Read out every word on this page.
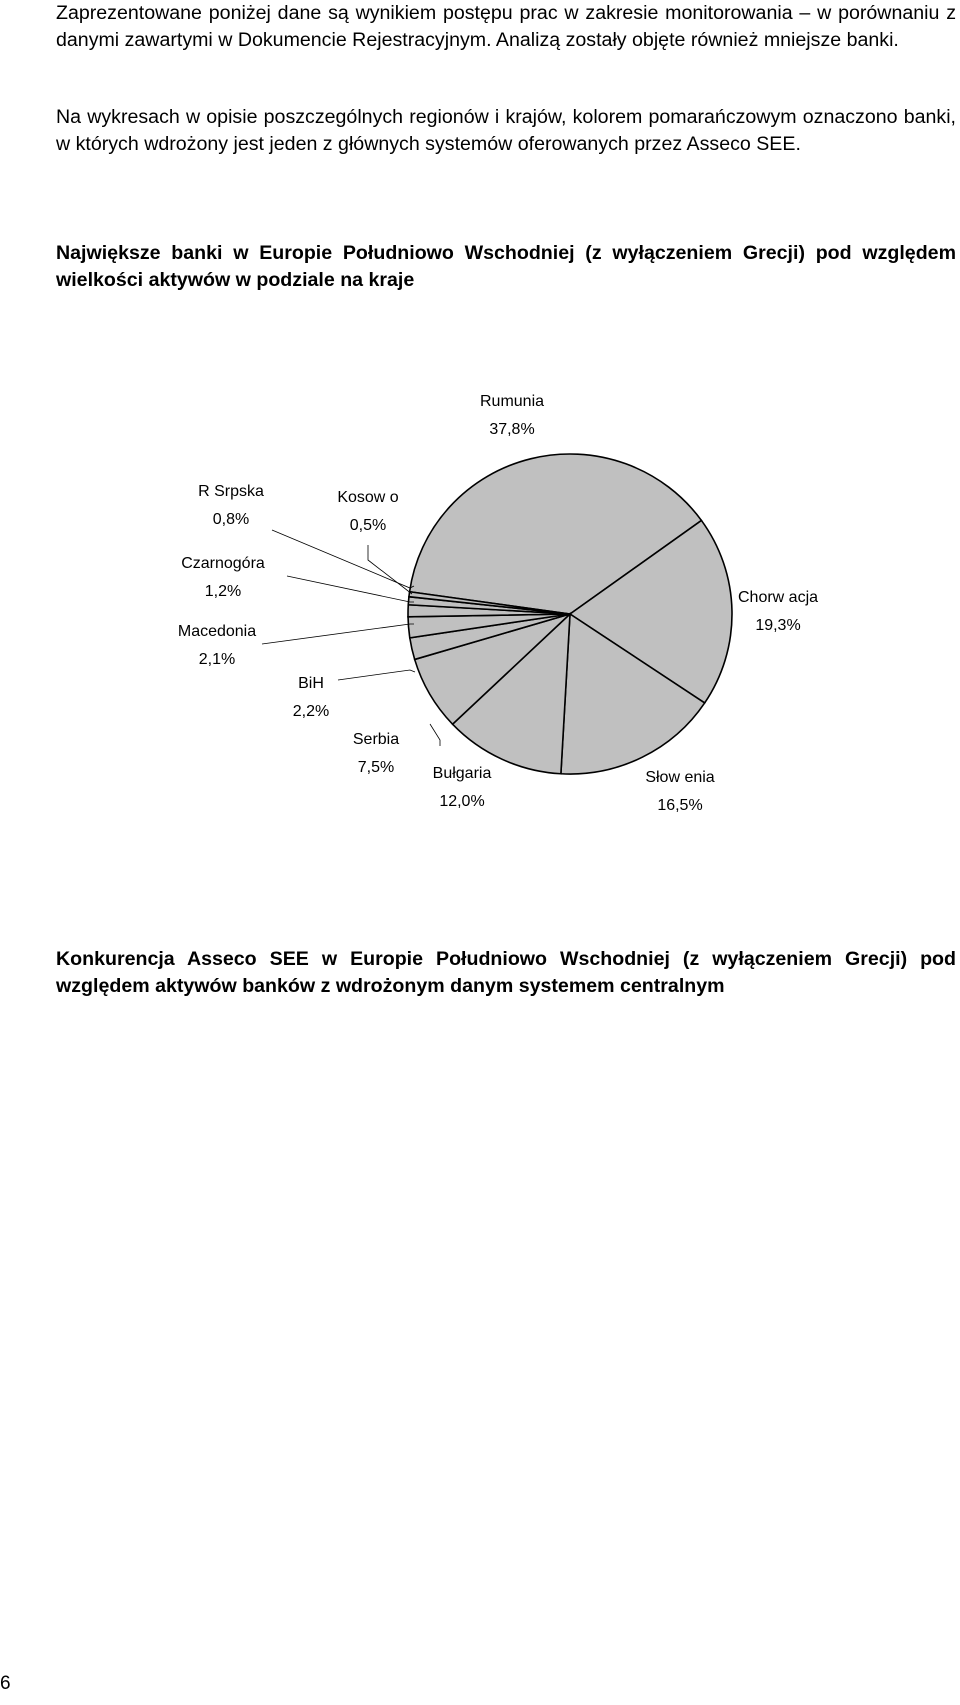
Zaprezentowane poniżej dane są wynikiem postępu prac w zakresie monitorowania – w porównaniu z danymi zawartymi w Dokumencie Rejestracyjnym. Analizą zostały objęte również mniejsze banki.

Na wykresach w opisie poszczególnych regionów i krajów, kolorem pomarańczowym oznaczono banki, w których wdrożony jest jeden z głównych systemów oferowanych przez Asseco SEE.

Największe banki w Europie Południowo Wschodniej (z wyłączeniem Grecji) pod względem wielkości aktywów w podziale na kraje

Rumunia
37,8%
Chorw acja
19,3%
Słow enia
16,5%
Bułgaria
12,0%
Serbia
7,5%
BiH
2,2%
Macedonia
2,1%
Czarnogóra
1,2%
R Srpska
0,8%
Kosow o
0,5%

Konkurencja Asseco SEE w Europie Południowo Wschodniej (z wyłączeniem Grecji) pod względem aktywów banków z wdrożonym danym systemem centralnym

6
